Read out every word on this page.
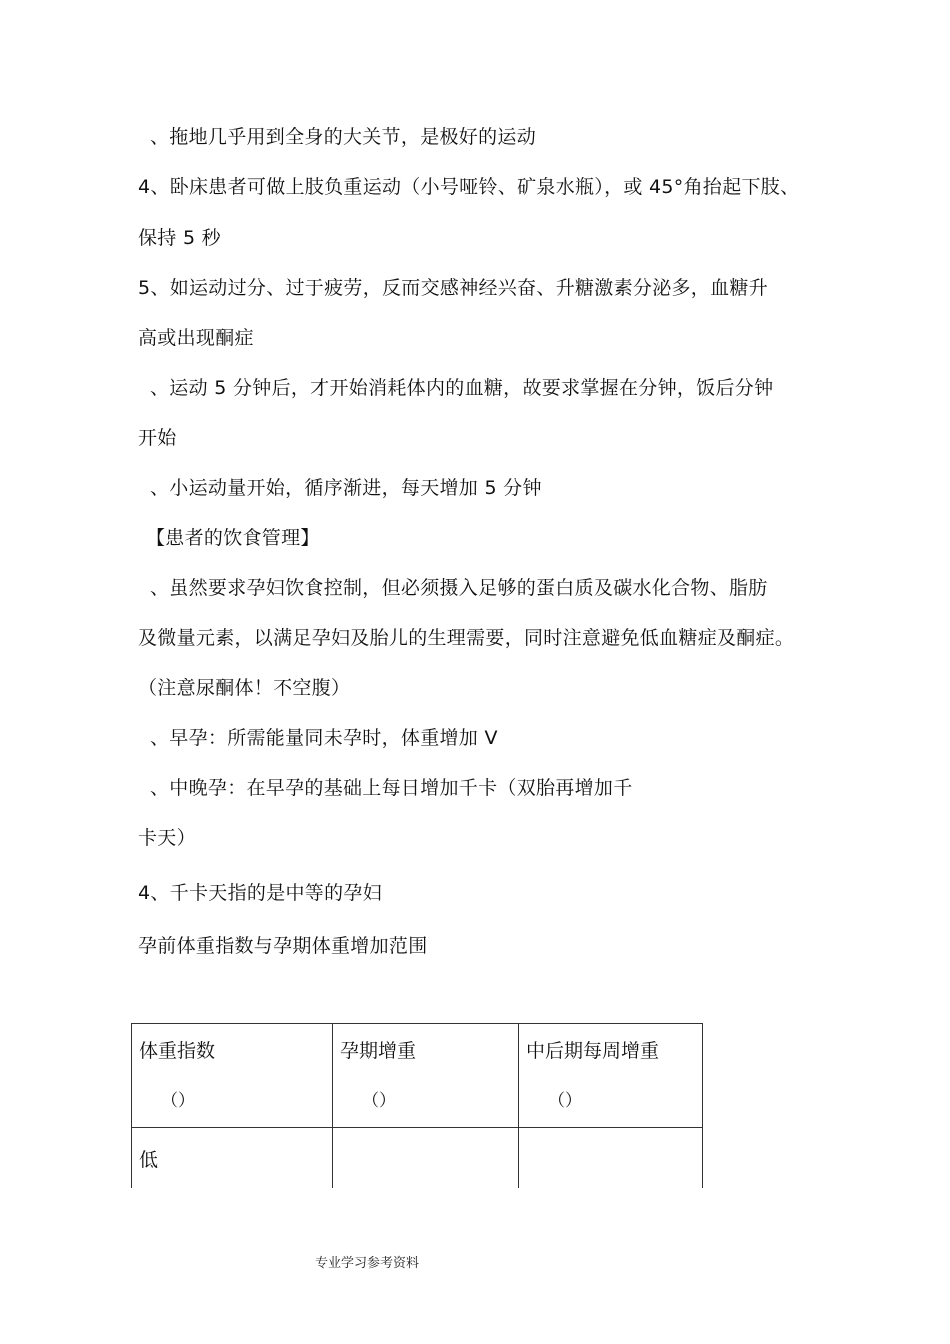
、拖地几乎用到全身的大关节，是极好的运动
4、卧床患者可做上肢负重运动（小号哑铃、矿泉水瓶），或 45°角抬起下肢、
保持 5 秒
5、如运动过分、过于疲劳，反而交感神经兴奋、升糖激素分泌多，血糖升
高或出现酮症
、运动 5 分钟后，才开始消耗体内的血糖，故要求掌握在分钟，饭后分钟
开始
、小运动量开始，循序渐进，每天增加 5 分钟
【患者的饮食管理】
、虽然要求孕妇饮食控制，但必须摄入足够的蛋白质及碳水化合物、脂肪
及微量元素，以满足孕妇及胎儿的生理需要，同时注意避免低血糖症及酮症。
（注意尿酮体！不空腹）
、早孕：所需能量同未孕时，体重增加 V
、中晚孕：在早孕的基础上每日增加千卡（双胎再增加千
卡天）
4、千卡天指的是中等的孕妇
孕前体重指数与孕期体重增加范围
体重指数
（）
孕期增重
（）
中后期每周增重
（）
低
专业学习参考资料
